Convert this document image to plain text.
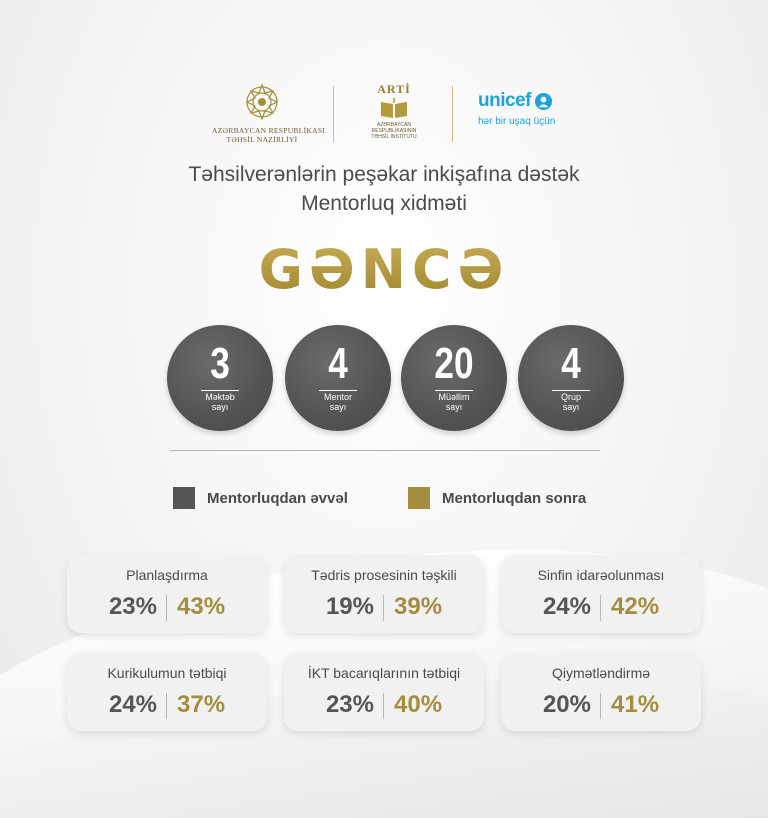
AZƏRBAYCAN RESPUBLİKASI
TƏHSİL NAZİRLİYİ
ARTİ
AZƏRBAYCAN RESPUBLİKASININ
TƏHSİL İNSTİTUTU
unicef
hər bir uşaq üçün
Təhsilverənlərin peşəkar inkişafına dəstək
Mentorluq xidməti
GƏNCƏ
3
Məktəb
sayı
4
Mentor
sayı
20
Müəllim
sayı
4
Qrup
sayı
Mentorluqdan əvvəl	Mentorluqdan sonra
Planlaşdırma
23% 43%
Tədris prosesinin təşkili
19% 39%
Sinfin idarəolunması
24% 42%
Kurikulumun tətbiqi
24% 37%
İKT bacarıqlarının tətbiqi
23% 40%
Qiymətləndirmə
20% 41%
